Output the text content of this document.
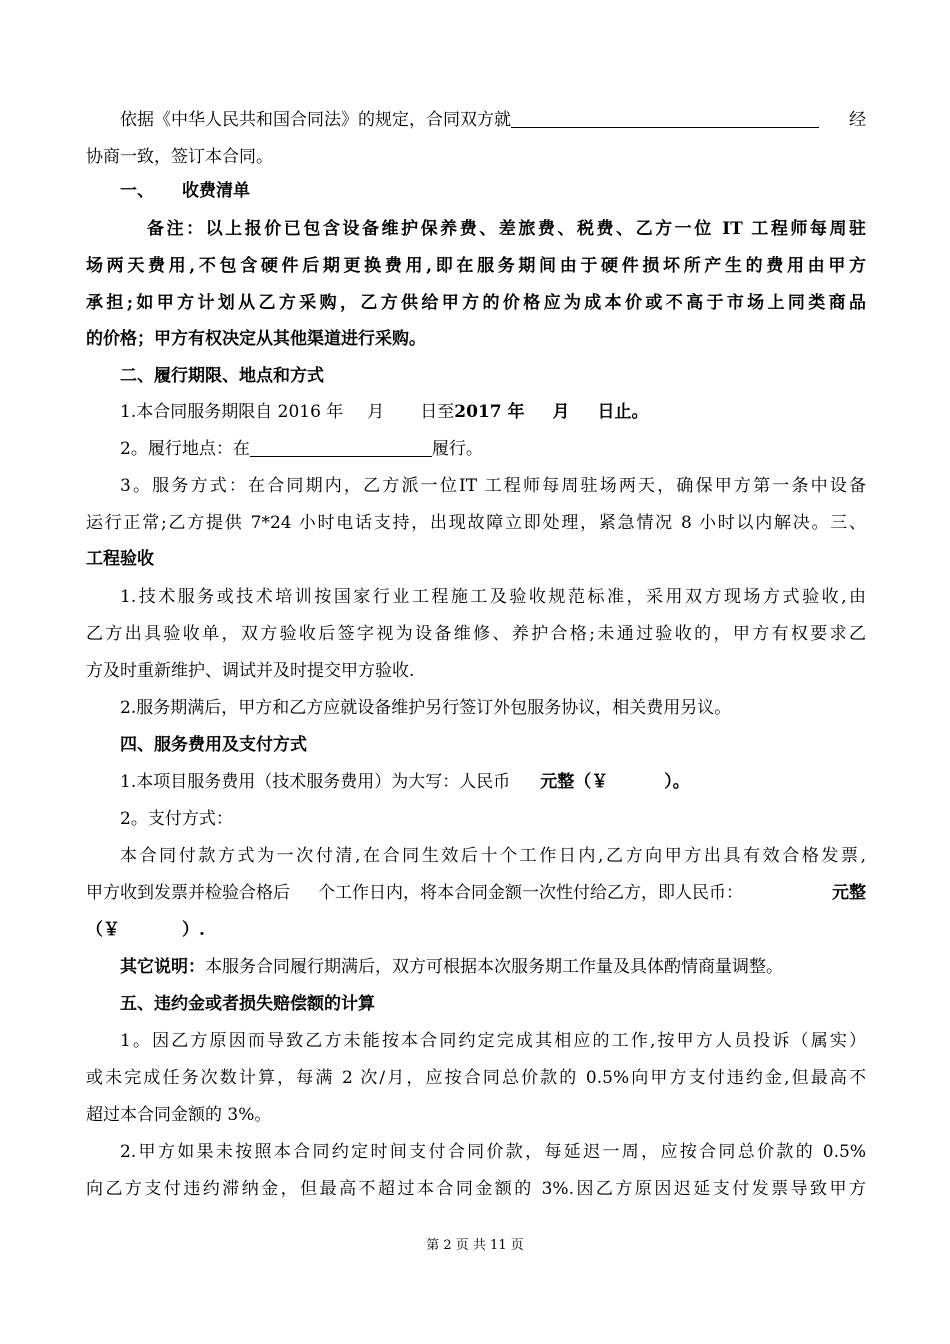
依据《中华人民共和国合同法》的规定，合同双方就	经
协商一致，签订本合同。
一、 收费清单
备注：以上报价已包含设备维护保养费、差旅费、税费、乙方一位 IT 工程师每周驻
场两天费用,不包含硬件后期更换费用,即在服务期间由于硬件损坏所产生的费用由甲方
承担;如甲方计划从乙方采购，乙方供给甲方的价格应为成本价或不高于市场上同类商品
的价格；甲方有权决定从其他渠道进行采购。
二、履行期限、地点和方式
1.本合同服务期限自 2016 年 月 日至2017 年 月 日止。
2。履行地点：在	履行。
3。服务方式：在合同期内，乙方派一位IT 工程师每周驻场两天，确保甲方第一条中设备
运行正常;乙方提供 7*24 小时电话支持，出现故障立即处理，紧急情况 8 小时以内解决。三、
工程验收
1.技术服务或技术培训按国家行业工程施工及验收规范标准，采用双方现场方式验收,由
乙方出具验收单，双方验收后签字视为设备维修、养护合格;未通过验收的，甲方有权要求乙
方及时重新维护、调试并及时提交甲方验收.
2.服务期满后，甲方和乙方应就设备维护另行签订外包服务协议，相关费用另议。
四、服务费用及支付方式
1.本项目服务费用（技术服务费用）为大写：人民币 元整（￥	）。
2。支付方式：
本合同付款方式为一次付清,在合同生效后十个工作日内,乙方向甲方出具有效合格发票,
甲方收到发票并检验合格后 个工作日内，将本合同金额一次性付给乙方，即人民币：	元整
（￥	）.
其它说明：本服务合同履行期满后，双方可根据本次服务期工作量及具体酌情商量调整。
五、违约金或者损失赔偿额的计算
1。因乙方原因而导致乙方未能按本合同约定完成其相应的工作,按甲方人员投诉（属实）
或未完成任务次数计算，每满 2 次/月，应按合同总价款的 0.5%向甲方支付违约金,但最高不
超过本合同金额的 3%。
2.甲方如果未按照本合同约定时间支付合同价款，每延迟一周，应按合同总价款的 0.5%
向乙方支付违约滞纳金，但最高不超过本合同金额的 3%.因乙方原因迟延支付发票导致甲方
第 2 页 共 11 页
